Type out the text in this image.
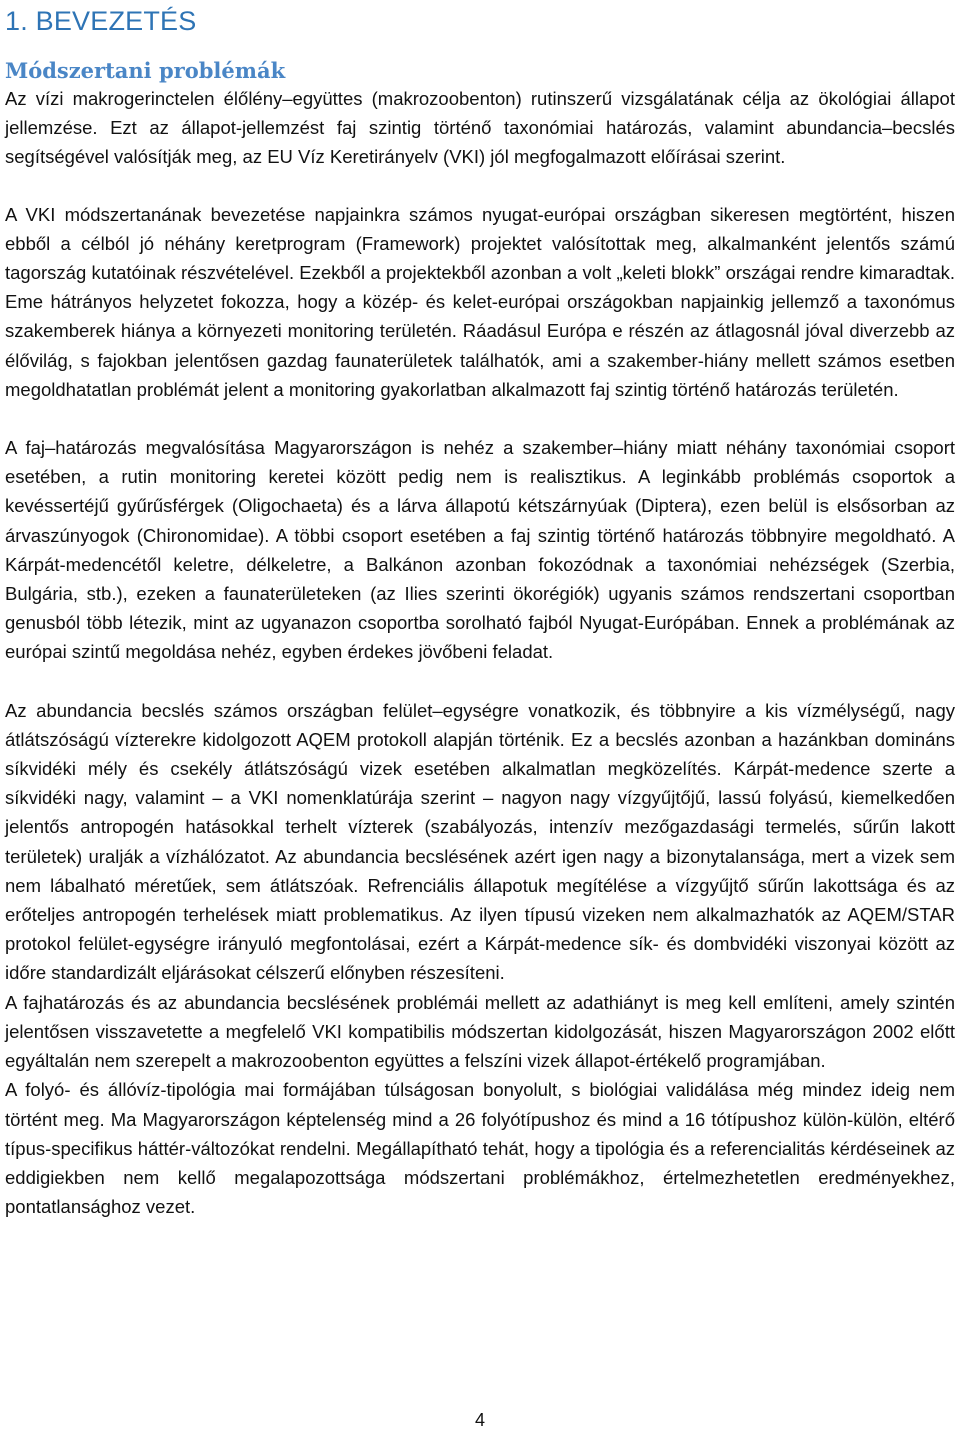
1. BEVEZETÉS
Módszertani problémák

Az vízi makrogerinctelen élőlény–együttes (makrozoobenton) rutinszerű vizsgálatának célja az ökológiai állapot jellemzése. Ezt az állapot-jellemzést faj szintig történő taxonómiai határozás, valamint abundancia–becslés segítségével valósítják meg, az EU Víz Keretirányelv (VKI) jól megfogalmazott előírásai szerint.

A VKI módszertanának bevezetése napjainkra számos nyugat-európai országban sikeresen megtörtént, hiszen ebből a célból jó néhány keretprogram (Framework) projektet valósítottak meg, alkalmanként jelentős számú tagország kutatóinak részvételével. Ezekből a projektekből azonban a volt „keleti blokk” országai rendre kimaradtak. Eme hátrányos helyzetet fokozza, hogy a közép- és kelet-európai országokban napjainkig jellemző a taxonómus szakemberek hiánya a környezeti monitoring területén. Ráadásul Európa e részén az átlagosnál jóval diverzebb az élővilág, s fajokban jelentősen gazdag faunaterületek találhatók, ami a szakember-hiány mellett számos esetben megoldhatatlan problémát jelent a monitoring gyakorlatban alkalmazott faj szintig történő határozás területén.

A faj–határozás megvalósítása Magyarországon is nehéz a szakember–hiány miatt néhány taxonómiai csoport esetében, a rutin monitoring keretei között pedig nem is realisztikus. A leginkább problémás csoportok a kevéssertéjű gyűrűsférgek (Oligochaeta) és a lárva állapotú kétszárnyúak (Diptera), ezen belül is elsősorban az árvaszúnyogok (Chironomidae). A többi csoport esetében a faj szintig történő határozás többnyire megoldható. A Kárpát-medencétől keletre, délkeletre, a Balkánon azonban fokozódnak a taxonómiai nehézségek (Szerbia, Bulgária, stb.), ezeken a faunaterületeken (az Ilies szerinti ökorégiók) ugyanis számos rendszertani csoportban genusból több létezik, mint az ugyanazon csoportba sorolható fajból Nyugat-Európában. Ennek a problémának az európai szintű megoldása nehéz, egyben érdekes jövőbeni feladat.

Az abundancia becslés számos országban felület–egységre vonatkozik, és többnyire a kis vízmélységű, nagy átlátszóságú vízterekre kidolgozott AQEM protokoll alapján történik. Ez a becslés azonban a hazánkban domináns síkvidéki mély és csekély átlátszóságú vizek esetében alkalmatlan megközelítés. Kárpát-medence szerte a síkvidéki nagy, valamint – a VKI nomenklatúrája szerint – nagyon nagy vízgyűjtőjű, lassú folyású, kiemelkedően jelentős antropogén hatásokkal terhelt vízterek (szabályozás, intenzív mezőgazdasági termelés, sűrűn lakott területek) uralják a vízhálózatot. Az abundancia becslésének azért igen nagy a bizonytalansága, mert a vizek sem nem lábalható méretűek, sem átlátszóak. Refrenciális állapotuk megítélése a vízgyűjtő sűrűn lakottsága és az erőteljes antropogén terhelések miatt problematikus. Az ilyen típusú vizeken nem alkalmazhatók az AQEM/STAR protokol felület-egységre irányuló megfontolásai, ezért a Kárpát-medence sík- és dombvidéki viszonyai között az időre standardizált eljárásokat célszerű előnyben részesíteni.

A fajhatározás és az abundancia becslésének problémái mellett az adathiányt is meg kell említeni, amely szintén jelentősen visszavetette a megfelelő VKI kompatibilis módszertan kidolgozását, hiszen Magyarországon 2002 előtt egyáltalán nem szerepelt a makrozoobenton együttes a felszíni vizek állapot-értékelő programjában.

A folyó- és állóvíz-tipológia mai formájában túlságosan bonyolult, s biológiai validálása még mindez ideig nem történt meg. Ma Magyarországon képtelenség mind a 26 folyótípushoz és mind a 16 tótípushoz külön-külön, eltérő típus-specifikus háttér-változókat rendelni. Megállapítható tehát, hogy a tipológia és a referencialitás kérdéseinek az eddigiekben nem kellő megalapozottsága módszertani problémákhoz, értelmezhetetlen eredményekhez, pontatlansághoz vezet.

4
